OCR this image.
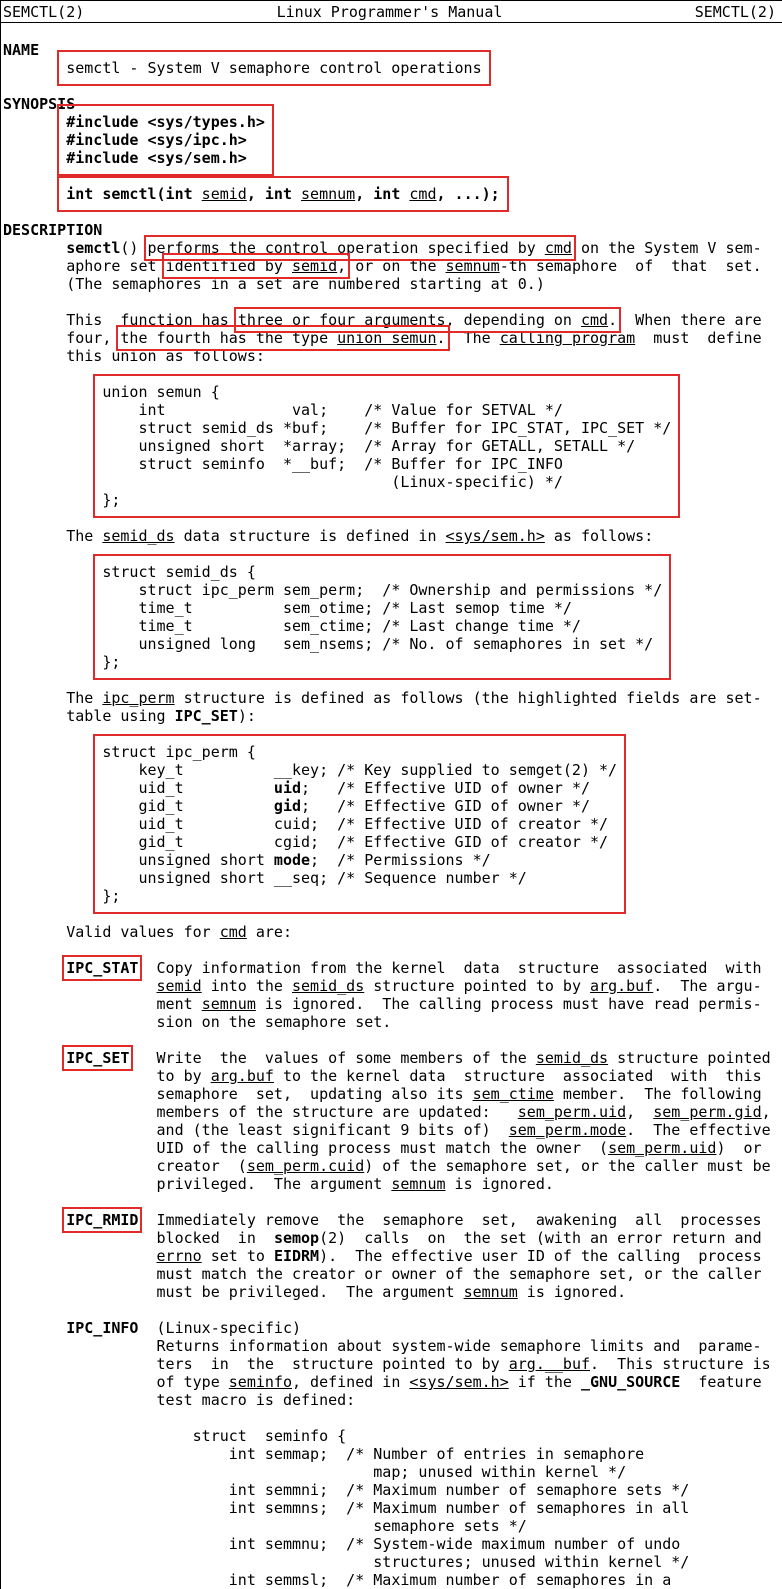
SEMCTL(2)	Linux Programmer's Manual	SEMCTL(2)
NAME
semctl - System V semaphore control operations
SYNOPSIS
#include <sys/types.h>
#include <sys/ipc.h>
#include <sys/sem.h>
int semctl(int semid, int semnum, int cmd, ...);
DESCRIPTION
semctl() performs the control operation specified by cmd on the System V sem-
aphore set identified by semid, or on the semnum-th semaphore  of  that  set.
(The semaphores in a set are numbered starting at 0.)
This  function has three or four arguments, depending on cmd.  When there are
four, the fourth has the type union semun.  The calling program  must  define
this union as follows:
union semun {
int              val;    /* Value for SETVAL */
struct semid_ds *buf;    /* Buffer for IPC_STAT, IPC_SET */
unsigned short  *array;  /* Array for GETALL, SETALL */
struct seminfo  *__buf;  /* Buffer for IPC_INFO
(Linux-specific) */
};
The semid_ds data structure is defined in <sys/sem.h> as follows:
struct semid_ds {
struct ipc_perm sem_perm;  /* Ownership and permissions */
time_t          sem_otime; /* Last semop time */
time_t          sem_ctime; /* Last change time */
unsigned long   sem_nsems; /* No. of semaphores in set */
};
The ipc_perm structure is defined as follows (the highlighted fields are set-
table using IPC_SET):
struct ipc_perm {
key_t          __key; /* Key supplied to semget(2) */
uid_t          uid;   /* Effective UID of owner */
gid_t          gid;   /* Effective GID of owner */
uid_t          cuid;  /* Effective UID of creator */
gid_t          cgid;  /* Effective GID of creator */
unsigned short mode;  /* Permissions */
unsigned short __seq; /* Sequence number */
};
Valid values for cmd are:
IPC_STAT  Copy information from the kernel  data  structure  associated  with
semid into the semid_ds structure pointed to by arg.buf.  The argu-
ment semnum is ignored.  The calling process must have read permis-
sion on the semaphore set.
IPC_SET   Write  the  values of some members of the semid_ds structure pointed
to by arg.buf to the kernel data  structure  associated  with  this
semaphore  set,  updating also its sem_ctime member.  The following
members of the structure are updated:   sem_perm.uid,  sem_perm.gid,
and (the least significant 9 bits of)  sem_perm.mode.  The effective
UID of the calling process must match the owner  (sem_perm.uid)  or
creator  (sem_perm.cuid) of the semaphore set, or the caller must be
privileged.  The argument semnum is ignored.
IPC_RMID  Immediately remove  the  semaphore  set,  awakening  all  processes
blocked  in  semop(2)  calls  on  the set (with an error return and
errno set to EIDRM).  The effective user ID of the calling  process
must match the creator or owner of the semaphore set, or the caller
must be privileged.  The argument semnum is ignored.
IPC_INFO  (Linux-specific)
Returns information about system-wide semaphore limits and  parame-
ters  in  the  structure pointed to by arg.__buf.  This structure is
of type seminfo, defined in <sys/sem.h> if the _GNU_SOURCE  feature
test macro is defined:
struct  seminfo {
int semmap;  /* Number of entries in semaphore
map; unused within kernel */
int semmni;  /* Maximum number of semaphore sets */
int semmns;  /* Maximum number of semaphores in all
semaphore sets */
int semmnu;  /* System-wide maximum number of undo
structures; unused within kernel */
int semmsl;  /* Maximum number of semaphores in a
